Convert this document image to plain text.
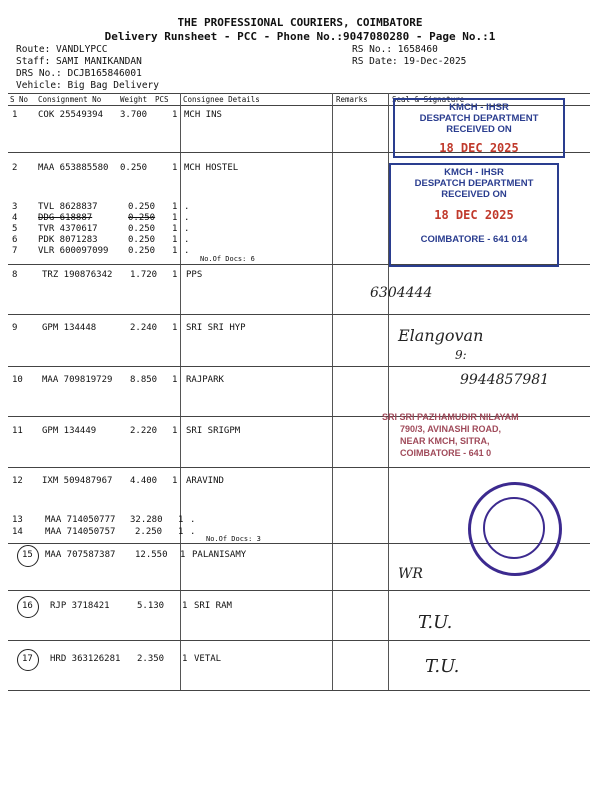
THE PROFESSIONAL COURIERS, COIMBATORE
Delivery Runsheet - PCC - Phone No.:9047080280 - Page No.:1
Route: VANDLYPCC
Staff: SAMI MANIKANDAN
DRS No.: DCJB165846001
Vehicle: Big Bag Delivery
RS No.: 1658460
RS Date: 19-Dec-2025
S No Consignment No	Weight PCS Consignee Details	Remarks	Seal & Signature
1 COK 25549394 3.700	1 MCH INS
2 MAA 653885580 0.250	1 MCH HOSTEL
3 TVL 8628837	0.250 1 .
4 DDG 618887	0.250 1 .
5 TVR 4370617	0.250 1 .
6 PDK 8071283	0.250 1 .
7 VLR 600097099 0.250 1 .
No.Of Docs: 6
8	TRZ 190876342 1.720 1 PPS
9	GPM 134448	2.240 1 SRI SRI HYP
10 MAA 709819729 8.850 1 RAJPARK
11 GPM 134449	2.220 1 SRI SRIGPM
12 IXM 509487967 4.400 1 ARAVIND
13 MAA 714050777 32.280 1 .
14 MAA 714050757 2.250 1 .
No.Of Docs: 3
15 MAA 707587387 12.550 1 PALANISAMY
16 RJP 3718421	5.130 1 SRI RAM
17 HRD 363126281 2.350 1 VETAL
KMCH - IHSR
DESPATCH DEPARTMENT
RECEIVED ON
18 DEC 2025
KMCH - IHSR
DESPATCH DEPARTMENT
RECEIVED ON
18 DEC 2025
COIMBATORE - 641 014
SRI SRI PAZHAMUDIR NILAYAM
790/3, AVINASHI ROAD,
NEAR KMCH, SITRA,
COIMBATORE - 641 0
6304444
Elangovan
9:
9944857981
WR
T.U.
T.U.
